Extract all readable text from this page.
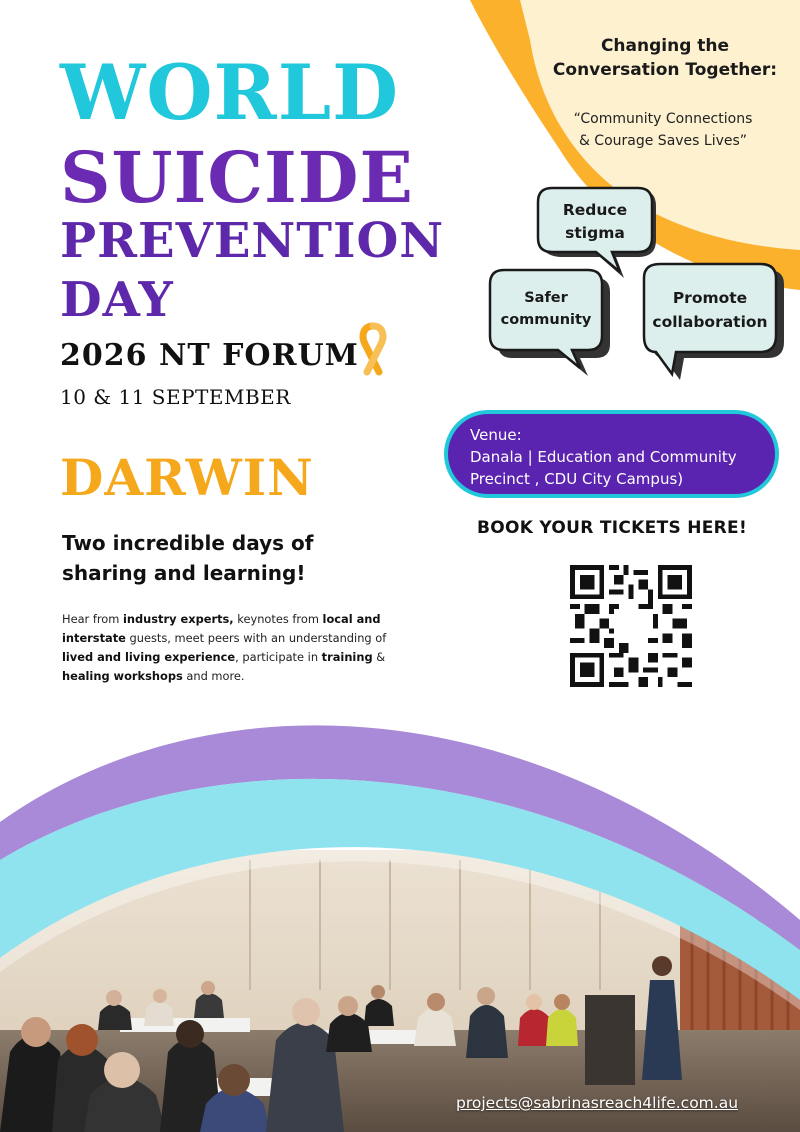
WORLD
SUICIDE
PREVENTION
DAY
2026 NT FORUM
10 & 11 SEPTEMBER
DARWIN

Two incredible days of sharing and learning!

Hear from industry experts, keynotes from local and interstate guests, meet peers with an understanding of lived and living experience, participate in training & healing workshops and more.

Changing the
Conversation Together:
“Community Connections
& Courage Saves Lives”
Reduce
stigma
Safer
community
Promote
collaboration
Venue:
Danala | Education and Community
Precinct , CDU City Campus)
BOOK YOUR TICKETS HERE!
projects@sabrinasreach4life.com.au
